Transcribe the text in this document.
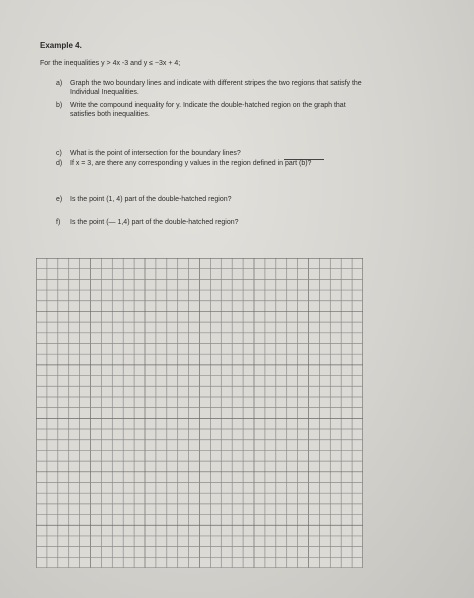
Example 4.
For the inequalities y > 4x -3 and y ≤ −3x + 4;
a) Graph the two boundary lines and indicate with different stripes the two regions that satisfy the
Individual Inequalities.
b) Write the compound inequality for y. Indicate the double-hatched region on the graph that
satisfies both inequalities.
c) What is the point of intersection for the boundary lines?
d) If x = 3, are there any corresponding y values in the region defined in part (b)?
e) Is the point (1, 4) part of the double-hatched region?
f) Is the point (— 1,4) part of the double-hatched region?
